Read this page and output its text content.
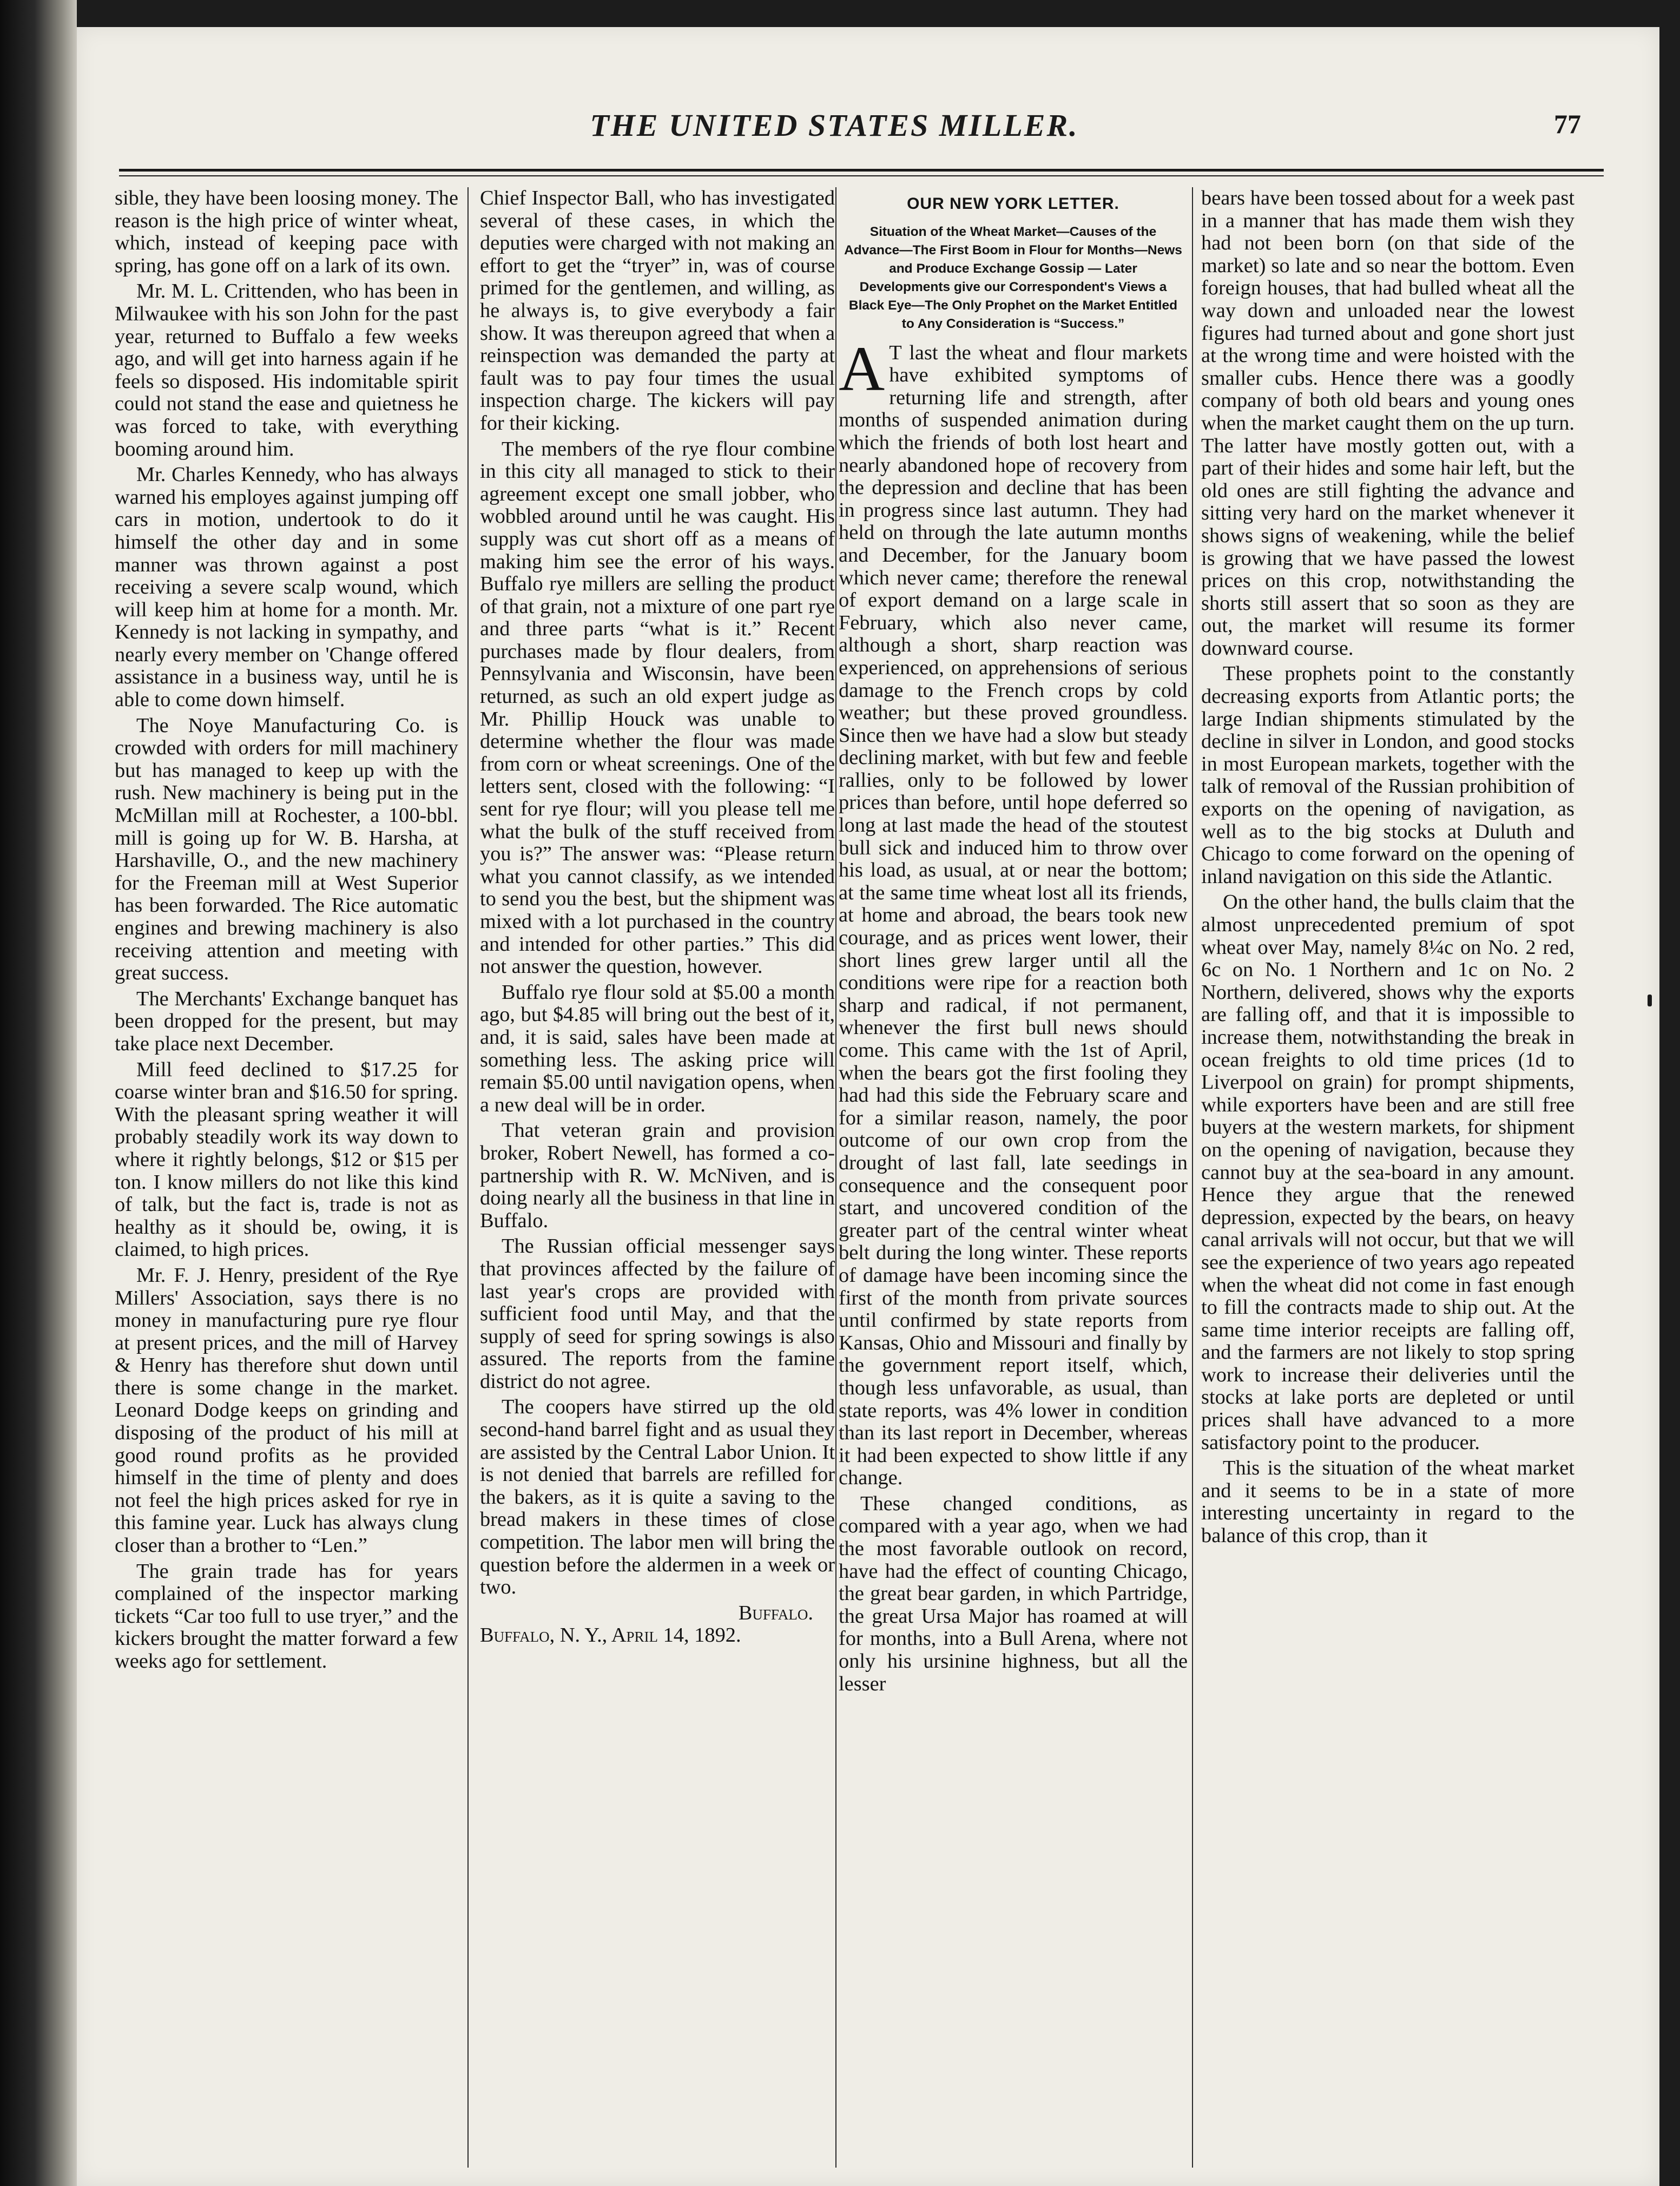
THE UNITED STATES MILLER.	77

sible, they have been loosing money. The reason is the high price of winter wheat, which, instead of keeping pace with spring, has gone off on a lark of its own.

Mr. M. L. Crittenden, who has been in Milwaukee with his son John for the past year, returned to Buffalo a few weeks ago, and will get into harness again if he feels so disposed. His indomitable spirit could not stand the ease and quietness he was forced to take, with everything booming around him.

Mr. Charles Kennedy, who has always warned his employes against jumping off cars in motion, undertook to do it himself the other day and in some manner was thrown against a post receiving a severe scalp wound, which will keep him at home for a month. Mr. Kennedy is not lacking in sympathy, and nearly every member on 'Change offered assistance in a business way, until he is able to come down himself.

The Noye Manufacturing Co. is crowded with orders for mill machinery but has managed to keep up with the rush. New machinery is being put in the McMillan mill at Rochester, a 100-bbl. mill is going up for W. B. Harsha, at Harshaville, O., and the new machinery for the Freeman mill at West Superior has been forwarded. The Rice automatic engines and brewing machinery is also receiving attention and meeting with great success.

The Merchants' Exchange banquet has been dropped for the present, but may take place next December.

Mill feed declined to $17.25 for coarse winter bran and $16.50 for spring. With the pleasant spring weather it will probably steadily work its way down to where it rightly belongs, $12 or $15 per ton. I know millers do not like this kind of talk, but the fact is, trade is not as healthy as it should be, owing, it is claimed, to high prices.

Mr. F. J. Henry, president of the Rye Millers' Association, says there is no money in manufacturing pure rye flour at present prices, and the mill of Harvey & Henry has therefore shut down until there is some change in the market. Leonard Dodge keeps on grinding and disposing of the product of his mill at good round profits as he provided himself in the time of plenty and does not feel the high prices asked for rye in this famine year. Luck has always clung closer than a brother to “Len.”

The grain trade has for years complained of the inspector marking tickets “Car too full to use tryer,” and the kickers brought the matter forward a few weeks ago for settlement.

Chief Inspector Ball, who has investigated several of these cases, in which the deputies were charged with not making an effort to get the “tryer” in, was of course primed for the gentlemen, and willing, as he always is, to give everybody a fair show. It was thereupon agreed that when a reinspection was demanded the party at fault was to pay four times the usual inspection charge. The kickers will pay for their kicking.

The members of the rye flour combine in this city all managed to stick to their agreement except one small jobber, who wobbled around until he was caught. His supply was cut short off as a means of making him see the error of his ways. Buffalo rye millers are selling the product of that grain, not a mixture of one part rye and three parts “what is it.” Recent purchases made by flour dealers, from Pennsylvania and Wisconsin, have been returned, as such an old expert judge as Mr. Phillip Houck was unable to determine whether the flour was made from corn or wheat screenings. One of the letters sent, closed with the following: “I sent for rye flour; will you please tell me what the bulk of the stuff received from you is?” The answer was: “Please return what you cannot classify, as we intended to send you the best, but the shipment was mixed with a lot purchased in the country and intended for other parties.” This did not answer the question, however.

Buffalo rye flour sold at $5.00 a month ago, but $4.85 will bring out the best of it, and, it is said, sales have been made at something less. The asking price will remain $5.00 until navigation opens, when a new deal will be in order.

That veteran grain and provision broker, Robert Newell, has formed a co-partnership with R. W. McNiven, and is doing nearly all the business in that line in Buffalo.

The Russian official messenger says that provinces affected by the failure of last year's crops are provided with sufficient food until May, and that the supply of seed for spring sowings is also assured. The reports from the famine district do not agree.

The coopers have stirred up the old second-hand barrel fight and as usual they are assisted by the Central Labor Union. It is not denied that barrels are refilled for the bakers, as it is quite a saving to the bread makers in these times of close competition. The labor men will bring the question before the aldermen in a week or two.

Buffalo.

Buffalo, N. Y., April 14, 1892.

OUR NEW YORK LETTER.
Situation of the Wheat Market—Causes of the Advance—The First Boom in Flour for Months—News and Produce Exchange Gossip — Later Developments give our Correspondent's Views a Black Eye—The Only Prophet on the Market Entitled to Any Consideration is “Success.”

A T last the wheat and flour markets have exhibited symptoms of returning life and strength, after months of suspended animation during which the friends of both lost heart and nearly abandoned hope of recovery from the depression and decline that has been in progress since last autumn. They had held on through the late autumn months and December, for the January boom which never came; therefore the renewal of export demand on a large scale in February, which also never came, although a short, sharp reaction was experienced, on apprehensions of serious damage to the French crops by cold weather; but these proved groundless. Since then we have had a slow but steady declining market, with but few and feeble rallies, only to be followed by lower prices than before, until hope deferred so long at last made the head of the stoutest bull sick and induced him to throw over his load, as usual, at or near the bottom; at the same time wheat lost all its friends, at home and abroad, the bears took new courage, and as prices went lower, their short lines grew larger until all the conditions were ripe for a reaction both sharp and radical, if not permanent, whenever the first bull news should come. This came with the 1st of April, when the bears got the first fooling they had had this side the February scare and for a similar reason, namely, the poor outcome of our own crop from the drought of last fall, late seedings in consequence and the consequent poor start, and uncovered condition of the greater part of the central winter wheat belt during the long winter. These reports of damage have been incoming since the first of the month from private sources until confirmed by state reports from Kansas, Ohio and Missouri and finally by the government report itself, which, though less unfavorable, as usual, than state reports, was 4% lower in condition than its last report in December, whereas it had been expected to show little if any change.

These changed conditions, as compared with a year ago, when we had the most favorable outlook on record, have had the effect of counting Chicago, the great bear garden, in which Partridge, the great Ursa Major has roamed at will for months, into a Bull Arena, where not only his ursinine highness, but all the lesser

bears have been tossed about for a week past in a manner that has made them wish they had not been born (on that side of the market) so late and so near the bottom. Even foreign houses, that had bulled wheat all the way down and unloaded near the lowest figures had turned about and gone short just at the wrong time and were hoisted with the smaller cubs. Hence there was a goodly company of both old bears and young ones when the market caught them on the up turn. The latter have mostly gotten out, with a part of their hides and some hair left, but the old ones are still fighting the advance and sitting very hard on the market whenever it shows signs of weakening, while the belief is growing that we have passed the lowest prices on this crop, notwithstanding the shorts still assert that so soon as they are out, the market will resume its former downward course.

These prophets point to the constantly decreasing exports from Atlantic ports; the large Indian shipments stimulated by the decline in silver in London, and good stocks in most European markets, together with the talk of removal of the Russian prohibition of exports on the opening of navigation, as well as to the big stocks at Duluth and Chicago to come forward on the opening of inland navigation on this side the Atlantic.

On the other hand, the bulls claim that the almost unprecedented premium of spot wheat over May, namely 8¼c on No. 2 red, 6c on No. 1 Northern and 1c on No. 2 Northern, delivered, shows why the exports are falling off, and that it is impossible to increase them, notwithstanding the break in ocean freights to old time prices (1d to Liverpool on grain) for prompt shipments, while exporters have been and are still free buyers at the western markets, for shipment on the opening of navigation, because they cannot buy at the sea-board in any amount. Hence they argue that the renewed depression, expected by the bears, on heavy canal arrivals will not occur, but that we will see the experience of two years ago repeated when the wheat did not come in fast enough to fill the contracts made to ship out. At the same time interior receipts are falling off, and the farmers are not likely to stop spring work to increase their deliveries until the stocks at lake ports are depleted or until prices shall have advanced to a more satisfactory point to the producer.

This is the situation of the wheat market and it seems to be in a state of more interesting uncertainty in regard to the balance of this crop, than it
